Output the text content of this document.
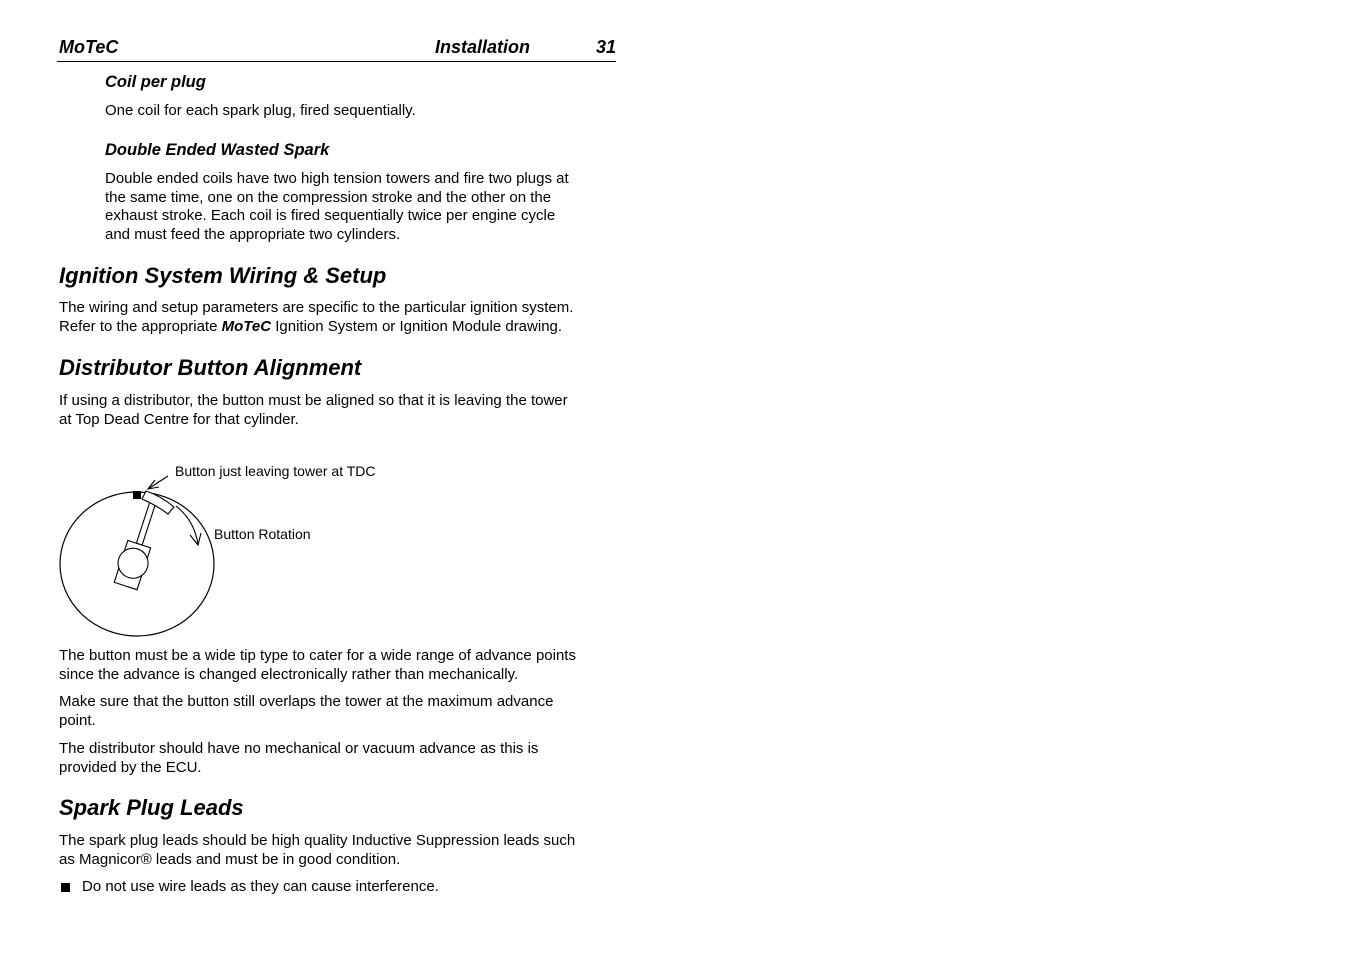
MoTeC	Installation	31
Coil per plug
One coil for each spark plug, fired sequentially.
Double Ended Wasted Spark
Double ended coils have two high tension towers and fire two plugs at
the same time, one on the compression stroke and the other on the
exhaust stroke. Each coil is fired sequentially twice per engine cycle
and must feed the appropriate two cylinders.
Ignition System Wiring & Setup
The wiring and setup parameters are specific to the particular ignition system.
Refer to the appropriate MoTeC Ignition System or Ignition Module drawing.
Distributor Button Alignment
If using a distributor, the button must be aligned so that it is leaving the tower
at Top Dead Centre for that cylinder.
Button just leaving tower at TDC
Button Rotation
The button must be a wide tip type to cater for a wide range of advance points
since the advance is changed electronically rather than mechanically.
Make sure that the button still overlaps the tower at the maximum advance
point.
The distributor should have no mechanical or vacuum advance as this is
provided by the ECU.
Spark Plug Leads
The spark plug leads should be high quality Inductive Suppression leads such
as Magnicor® leads and must be in good condition.
Do not use wire leads as they can cause interference.
